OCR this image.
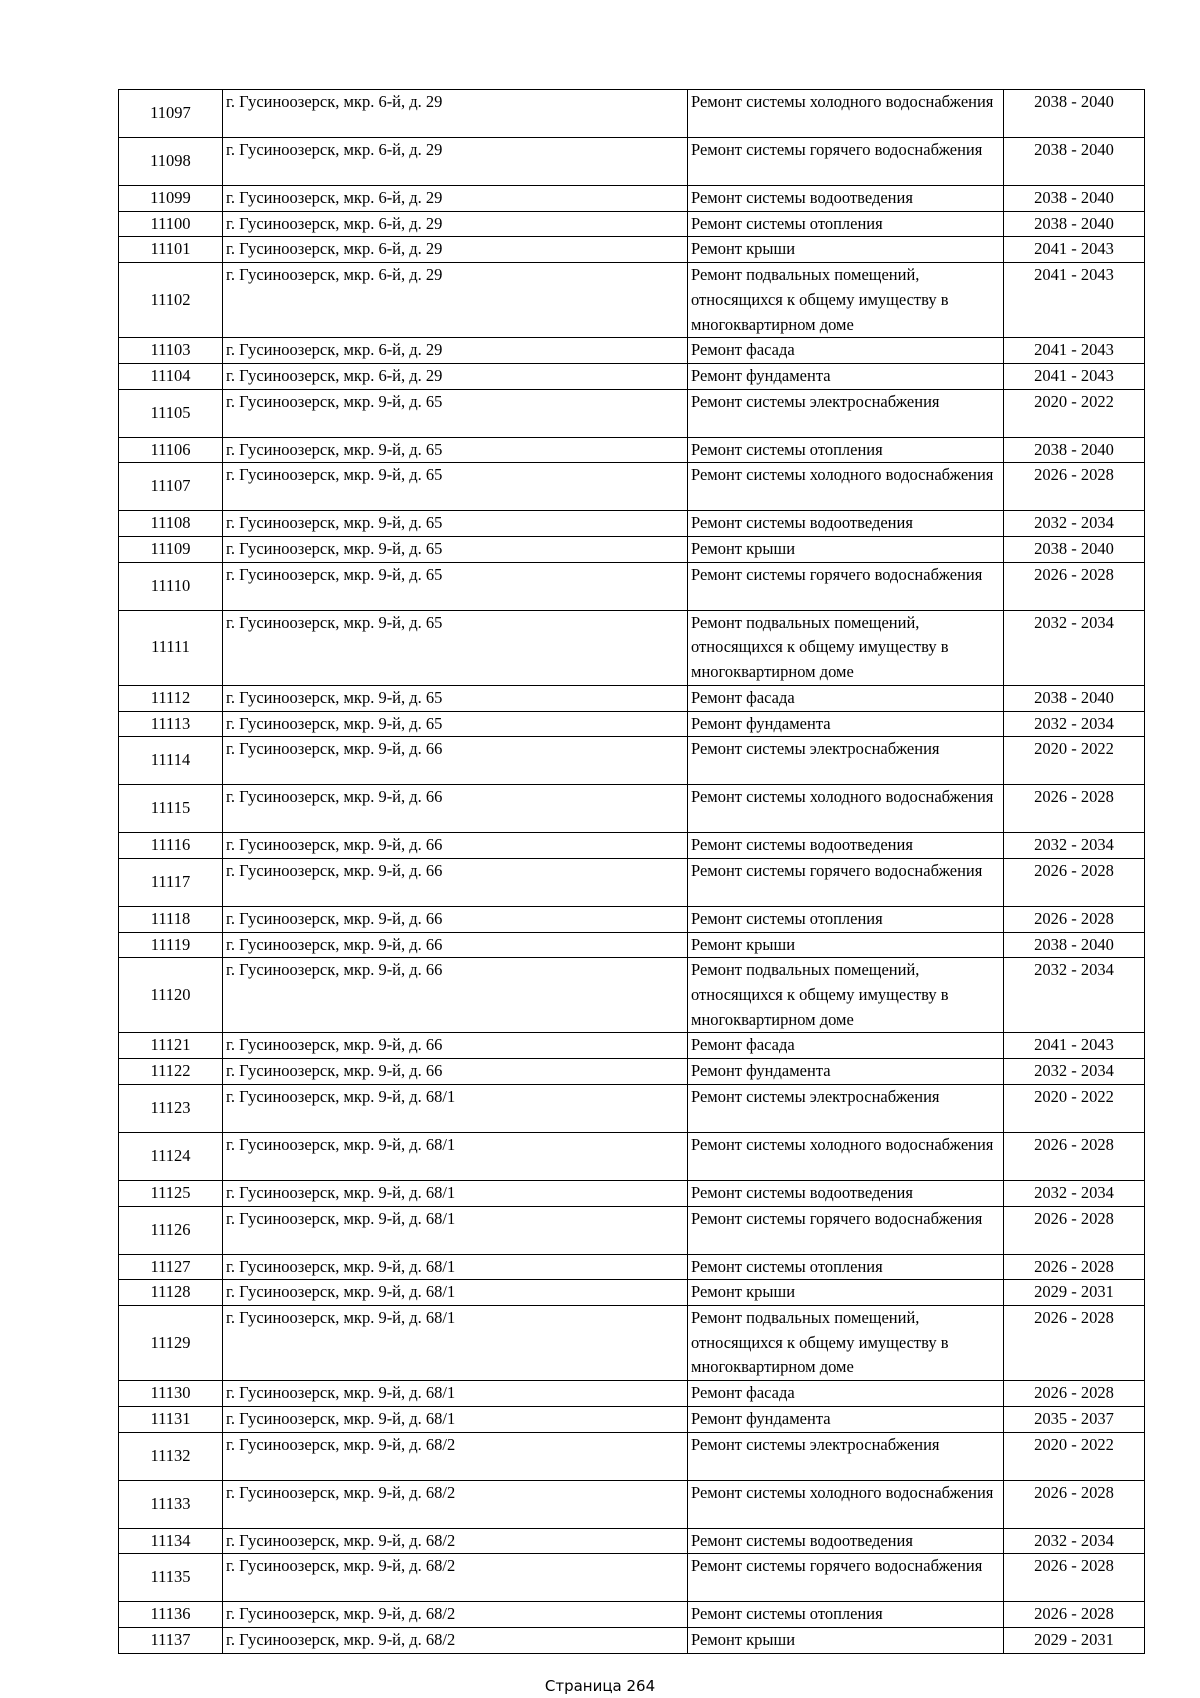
11097	г. Гусиноозерск, мкр. 6-й, д. 29	Ремонт системы холодного водоснабжения	2038 - 2040
11098	г. Гусиноозерск, мкр. 6-й, д. 29	Ремонт системы горячего водоснабжения	2038 - 2040
11099	г. Гусиноозерск, мкр. 6-й, д. 29	Ремонт системы водоотведения	2038 - 2040
11100	г. Гусиноозерск, мкр. 6-й, д. 29	Ремонт системы отопления	2038 - 2040
11101	г. Гусиноозерск, мкр. 6-й, д. 29	Ремонт крыши	2041 - 2043
11102	г. Гусиноозерск, мкр. 6-й, д. 29	Ремонт подвальных помещений, относящихся к общему имуществу в многоквартирном доме	2041 - 2043
11103	г. Гусиноозерск, мкр. 6-й, д. 29	Ремонт фасада	2041 - 2043
11104	г. Гусиноозерск, мкр. 6-й, д. 29	Ремонт фундамента	2041 - 2043
11105	г. Гусиноозерск, мкр. 9-й, д. 65	Ремонт системы электроснабжения	2020 - 2022
11106	г. Гусиноозерск, мкр. 9-й, д. 65	Ремонт системы отопления	2038 - 2040
11107	г. Гусиноозерск, мкр. 9-й, д. 65	Ремонт системы холодного водоснабжения	2026 - 2028
11108	г. Гусиноозерск, мкр. 9-й, д. 65	Ремонт системы водоотведения	2032 - 2034
11109	г. Гусиноозерск, мкр. 9-й, д. 65	Ремонт крыши	2038 - 2040
11110	г. Гусиноозерск, мкр. 9-й, д. 65	Ремонт системы горячего водоснабжения	2026 - 2028
11111	г. Гусиноозерск, мкр. 9-й, д. 65	Ремонт подвальных помещений, относящихся к общему имуществу в многоквартирном доме	2032 - 2034
11112	г. Гусиноозерск, мкр. 9-й, д. 65	Ремонт фасада	2038 - 2040
11113	г. Гусиноозерск, мкр. 9-й, д. 65	Ремонт фундамента	2032 - 2034
11114	г. Гусиноозерск, мкр. 9-й, д. 66	Ремонт системы электроснабжения	2020 - 2022
11115	г. Гусиноозерск, мкр. 9-й, д. 66	Ремонт системы холодного водоснабжения	2026 - 2028
11116	г. Гусиноозерск, мкр. 9-й, д. 66	Ремонт системы водоотведения	2032 - 2034
11117	г. Гусиноозерск, мкр. 9-й, д. 66	Ремонт системы горячего водоснабжения	2026 - 2028
11118	г. Гусиноозерск, мкр. 9-й, д. 66	Ремонт системы отопления	2026 - 2028
11119	г. Гусиноозерск, мкр. 9-й, д. 66	Ремонт крыши	2038 - 2040
11120	г. Гусиноозерск, мкр. 9-й, д. 66	Ремонт подвальных помещений, относящихся к общему имуществу в многоквартирном доме	2032 - 2034
11121	г. Гусиноозерск, мкр. 9-й, д. 66	Ремонт фасада	2041 - 2043
11122	г. Гусиноозерск, мкр. 9-й, д. 66	Ремонт фундамента	2032 - 2034
11123	г. Гусиноозерск, мкр. 9-й, д. 68/1	Ремонт системы электроснабжения	2020 - 2022
11124	г. Гусиноозерск, мкр. 9-й, д. 68/1	Ремонт системы холодного водоснабжения	2026 - 2028
11125	г. Гусиноозерск, мкр. 9-й, д. 68/1	Ремонт системы водоотведения	2032 - 2034
11126	г. Гусиноозерск, мкр. 9-й, д. 68/1	Ремонт системы горячего водоснабжения	2026 - 2028
11127	г. Гусиноозерск, мкр. 9-й, д. 68/1	Ремонт системы отопления	2026 - 2028
11128	г. Гусиноозерск, мкр. 9-й, д. 68/1	Ремонт крыши	2029 - 2031
11129	г. Гусиноозерск, мкр. 9-й, д. 68/1	Ремонт подвальных помещений, относящихся к общему имуществу в многоквартирном доме	2026 - 2028
11130	г. Гусиноозерск, мкр. 9-й, д. 68/1	Ремонт фасада	2026 - 2028
11131	г. Гусиноозерск, мкр. 9-й, д. 68/1	Ремонт фундамента	2035 - 2037
11132	г. Гусиноозерск, мкр. 9-й, д. 68/2	Ремонт системы электроснабжения	2020 - 2022
11133	г. Гусиноозерск, мкр. 9-й, д. 68/2	Ремонт системы холодного водоснабжения	2026 - 2028
11134	г. Гусиноозерск, мкр. 9-й, д. 68/2	Ремонт системы водоотведения	2032 - 2034
11135	г. Гусиноозерск, мкр. 9-й, д. 68/2	Ремонт системы горячего водоснабжения	2026 - 2028
11136	г. Гусиноозерск, мкр. 9-й, д. 68/2	Ремонт системы отопления	2026 - 2028
11137	г. Гусиноозерск, мкр. 9-й, д. 68/2	Ремонт крыши	2029 - 2031
Страница 264
